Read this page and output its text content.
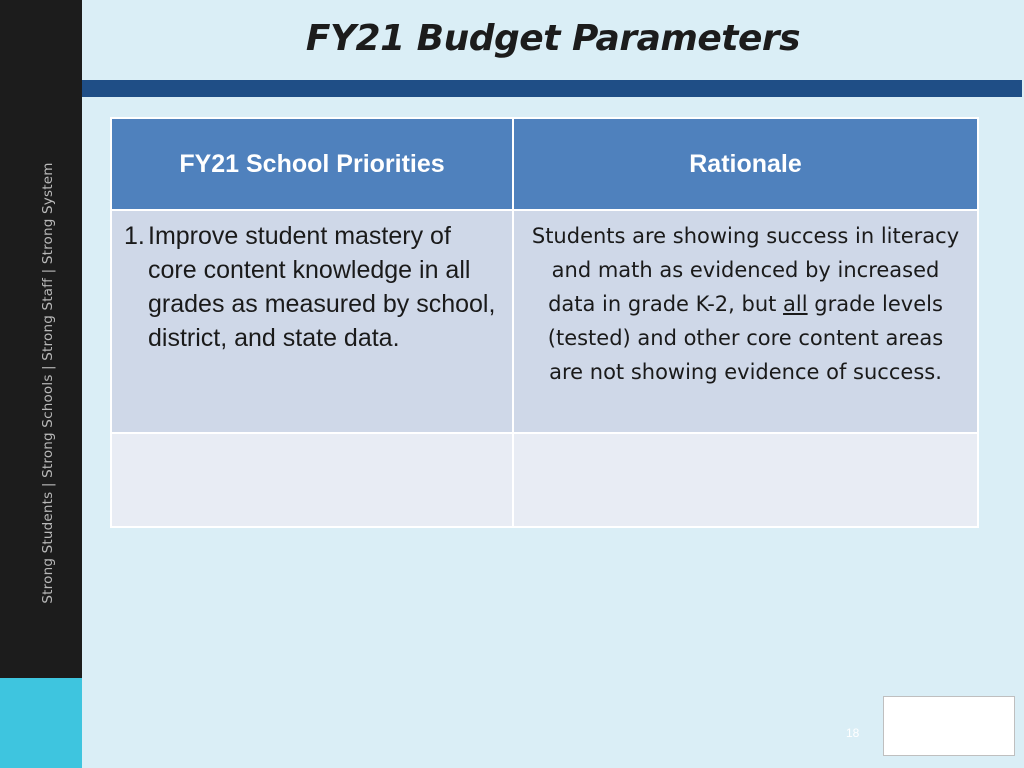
Strong Students | Strong Schools | Strong Staff | Strong System
FY21 Budget Parameters
FY21 School Priorities	Rationale

1. Improve student mastery of core content knowledge in all grades as measured by school, district, and state data.	Students are showing success in literacy and math as evidenced by increased data in grade K-2, but all grade levels (tested) and other core content areas are not showing evidence of success.

18
